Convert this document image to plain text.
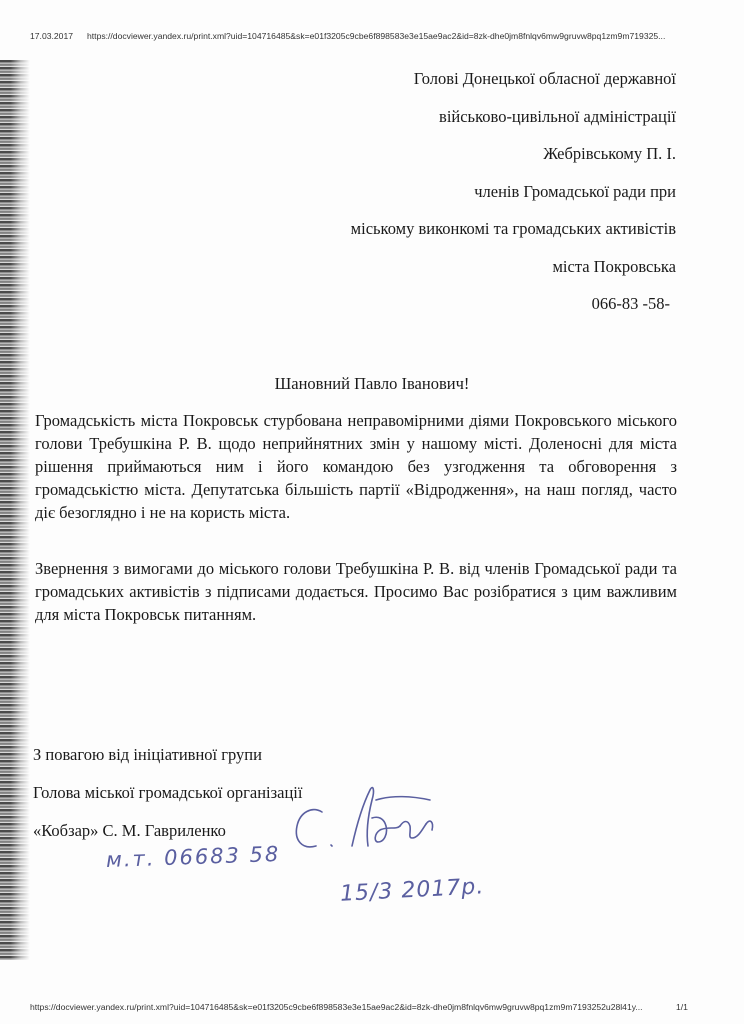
17.03.2017 https://docviewer.yandex.ru/print.xml?uid=104716485&sk=e01f3205c9cbe6f898583e3e15ae9ac2&id=8zk-dhe0jm8fnlqv6mw9gruvw8pq1zm9m719325...
Голові Донецької обласної державної
військово-цивільної адміністрації
Жебрівському П. І.
членів Громадської ради при
міському виконкомі та громадських активістів
міста Покровська
066-83 -58-
Шановний Павло Іванович!

Громадськість міста Покровськ стурбована неправомірними діями Покровського міського голови Требушкіна Р. В. щодо неприйнятних змін у нашому місті. Доленосні для міста рішення приймаються ним і його командою без узгодження та обговорення з громадськістю міста. Депутатська більшість партії «Відродження», на наш погляд, часто діє безоглядно і не на користь міста.

Звернення з вимогами до міського голови Требушкіна Р. В. від членів Громадської ради та громадських активістів з підписами додається. Просимо Вас розібратися з цим важливим для міста Покровськ питанням.

З повагою від ініціативної групи
Голова міської громадської організації
«Кобзар» С. М. Гавриленко
м.т. 06683 58
15/3 2017р.
https://docviewer.yandex.ru/print.xml?uid=104716485&sk=e01f3205c9cbe6f898583e3e15ae9ac2&id=8zk-dhe0jm8fnlqv6mw9gruvw8pq1zm9m7193252u28l41y...	1/1
